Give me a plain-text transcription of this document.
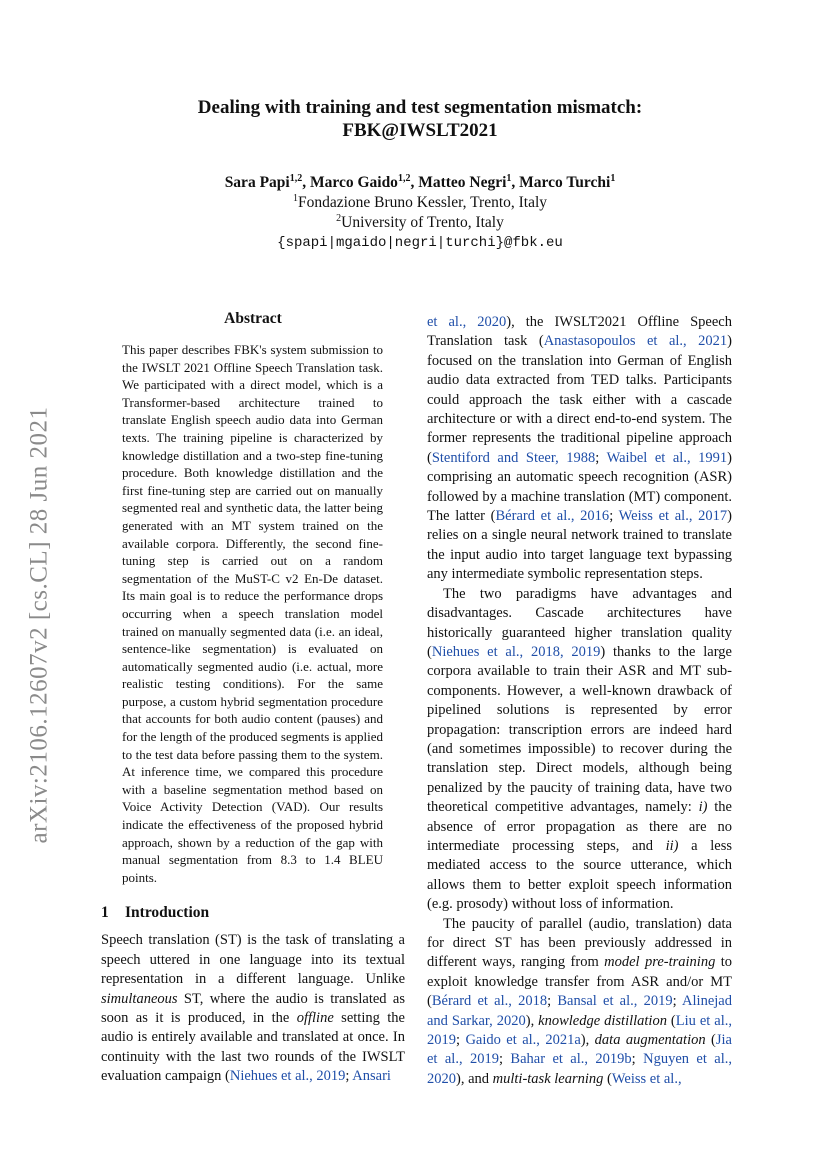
arXiv:2106.12607v2 [cs.CL] 28 Jun 2021
Dealing with training and test segmentation mismatch:
FBK@IWSLT2021
Sara Papi$^{1,2}$, Marco Gaido$^{1,2}$, Matteo Negri$^1$, Marco Turchi$^1$
$^1$Fondazione Bruno Kessler, Trento, Italy
$^2$University of Trento, Italy
{spapi|mgaido|negri|turchi}@fbk.eu
Abstract
This paper describes FBK's system submission to the IWSLT 2021 Offline Speech Translation task. We participated with a direct model, which is a Transformer-based architecture trained to translate English speech audio data into German texts. The training pipeline is characterized by knowledge distillation and a two-step fine-tuning procedure. Both knowledge distillation and the first fine-tuning step are carried out on manually segmented real and synthetic data, the latter being generated with an MT system trained on the available corpora. Differently, the second fine-tuning step is carried out on a random segmentation of the MuST-C v2 En-De dataset. Its main goal is to reduce the performance drops occurring when a speech translation model trained on manually segmented data (i.e. an ideal, sentence-like segmentation) is evaluated on automatically segmented audio (i.e. actual, more realistic testing conditions). For the same purpose, a custom hybrid segmentation procedure that accounts for both audio content (pauses) and for the length of the produced segments is applied to the test data before passing them to the system. At inference time, we compared this procedure with a baseline segmentation method based on Voice Activity Detection (VAD). Our results indicate the effectiveness of the proposed hybrid approach, shown by a reduction of the gap with manual segmentation from 8.3 to 1.4 BLEU points.
1 Introduction

Speech translation (ST) is the task of translating a speech uttered in one language into its textual representation in a different language. Unlike simultaneous ST, where the audio is translated as soon as it is produced, in the offline setting the audio is entirely available and translated at once. In continuity with the last two rounds of the IWSLT evaluation campaign (Niehues et al., 2019; Ansari

et al., 2020), the IWSLT2021 Offline Speech Translation task (Anastasopoulos et al., 2021) focused on the translation into German of English audio data extracted from TED talks. Participants could approach the task either with a cascade architecture or with a direct end-to-end system. The former represents the traditional pipeline approach (Stentiford and Steer, 1988; Waibel et al., 1991) comprising an automatic speech recognition (ASR) followed by a machine translation (MT) component. The latter (Bérard et al., 2016; Weiss et al., 2017) relies on a single neural network trained to translate the input audio into target language text bypassing any intermediate symbolic representation steps.

The two paradigms have advantages and disadvantages. Cascade architectures have historically guaranteed higher translation quality (Niehues et al., 2018, 2019) thanks to the large corpora available to train their ASR and MT sub-components. However, a well-known drawback of pipelined solutions is represented by error propagation: transcription errors are indeed hard (and sometimes impossible) to recover during the translation step. Direct models, although being penalized by the paucity of training data, have two theoretical competitive advantages, namely: i) the absence of error propagation as there are no intermediate processing steps, and ii) a less mediated access to the source utterance, which allows them to better exploit speech information (e.g. prosody) without loss of information.

The paucity of parallel (audio, translation) data for direct ST has been previously addressed in different ways, ranging from model pre-training to exploit knowledge transfer from ASR and/or MT (Bérard et al., 2018; Bansal et al., 2019; Alinejad and Sarkar, 2020), knowledge distillation (Liu et al., 2019; Gaido et al., 2021a), data augmentation (Jia et al., 2019; Bahar et al., 2019b; Nguyen et al., 2020), and multi-task learning (Weiss et al.,
